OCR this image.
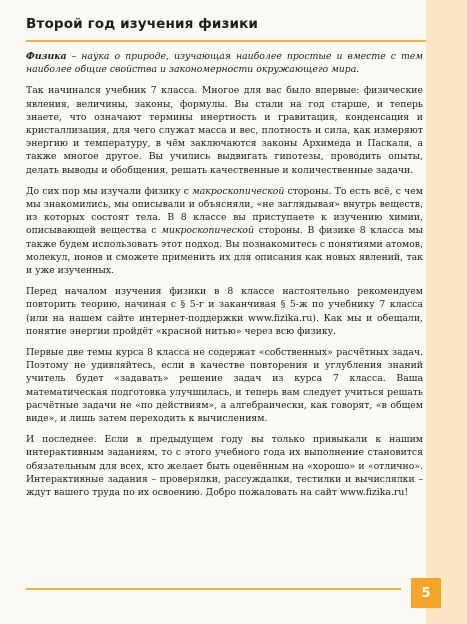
Второй год изучения физики

Физика – наука о природе, изучающая наиболее простые и вместе с тем наиболее общие свойства и закономерности окружающего мира.

Так начинался учебник 7 класса. Многое для вас было впервые: физические явления, величины, законы, формулы. Вы стали на год старше, и теперь знаете, что означают термины инертность и гравитация, конденсация и кристаллизация, для чего служат масса и вес, плотность и сила, как измеряют энергию и температуру, в чём заключаются законы Архимеда и Паскаля, а также многое другое. Вы учились выдвигать гипотезы, проводить опыты, делать выводы и обобщения, решать качественные и количественные задачи.

До сих пор мы изучали физику с макроскопической стороны. То есть всё, с чем мы знакомились, мы описывали и объясняли, «не заглядывая» внутрь веществ, из которых состоят тела. В 8 классе вы приступаете к изучению химии, описывающей вещества с микроскопической стороны. В физике 8 класса мы также будем использовать этот подход. Вы познакомитесь с понятиями атомов, молекул, ионов и сможете применить их для описания как новых явлений, так и уже изученных.

Перед началом изучения физики в 8 классе настоятельно рекомендуем повторить теорию, начиная с § 5-г и заканчивая § 5-ж по учебнику 7 класса (или на нашем сайте интернет-поддержки www.fizika.ru). Как мы и обещали, понятие энергии пройдёт «красной нитью» через всю физику.

Первые две темы курса 8 класса не содержат «собственных» расчётных задач. Поэтому не удивляйтесь, если в качестве повторения и углубления знаний учитель будет «задавать» решение задач из курса 7 класса. Ваша математическая подготовка улучшилась, и теперь вам следует учиться решать расчётные задачи не «по действиям», а алгебраически, как говорят, «в общем виде», и лишь затем переходить к вычислениям.

И последнее. Если в предыдущем году вы только привыкали к нашим интерактивным заданиям, то с этого учебного года их выполнение становится обязательным для всех, кто желает быть оценённым на «хорошо» и «отлично». Интерактивные задания – проверялки, рассуждалки, тестилки и вычислялки – ждут вашего труда по их освоению. Добро пожаловать на сайт www.fizika.ru!

5
